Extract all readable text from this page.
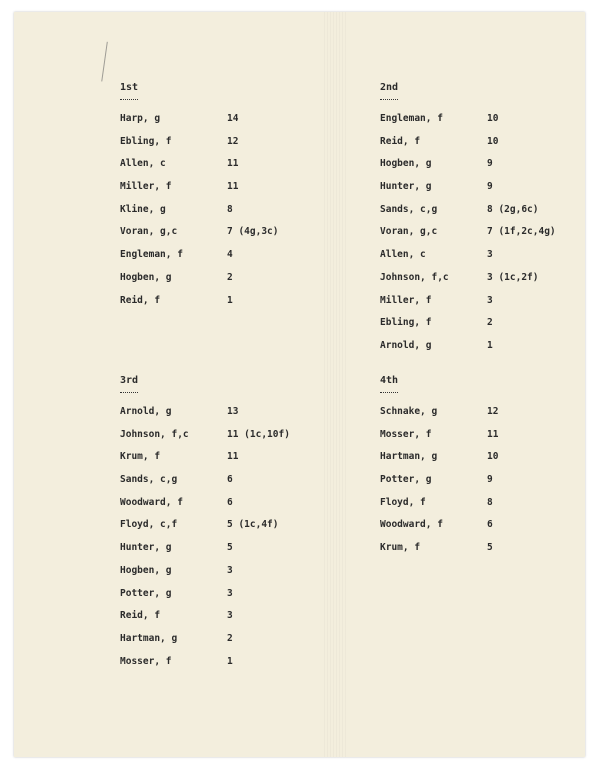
1st
Harp, g	14
Ebling, f	12
Allen, c	11
Miller, f	11
Kline, g	8
Voran, g,c	7 (4g,3c)
Engleman, f	4
Hogben, g	2
Reid, f	1
2nd
Engleman, f	10
Reid, f	10
Hogben, g	9
Hunter, g	9
Sands, c,g	8 (2g,6c)
Voran, g,c	7 (1f,2c,4g)
Allen, c	3
Johnson, f,c	3 (1c,2f)
Miller, f	3
Ebling, f	2
Arnold, g	1
3rd
Arnold, g	13
Johnson, f,c	11 (1c,10f)
Krum, f	11
Sands, c,g	6
Woodward, f	6
Floyd, c,f	5 (1c,4f)
Hunter, g	5
Hogben, g	3
Potter, g	3
Reid, f	3
Hartman, g	2
Mosser, f	1
4th
Schnake, g	12
Mosser, f	11
Hartman, g	10
Potter, g	9
Floyd, f	8
Woodward, f	6
Krum, f	5
